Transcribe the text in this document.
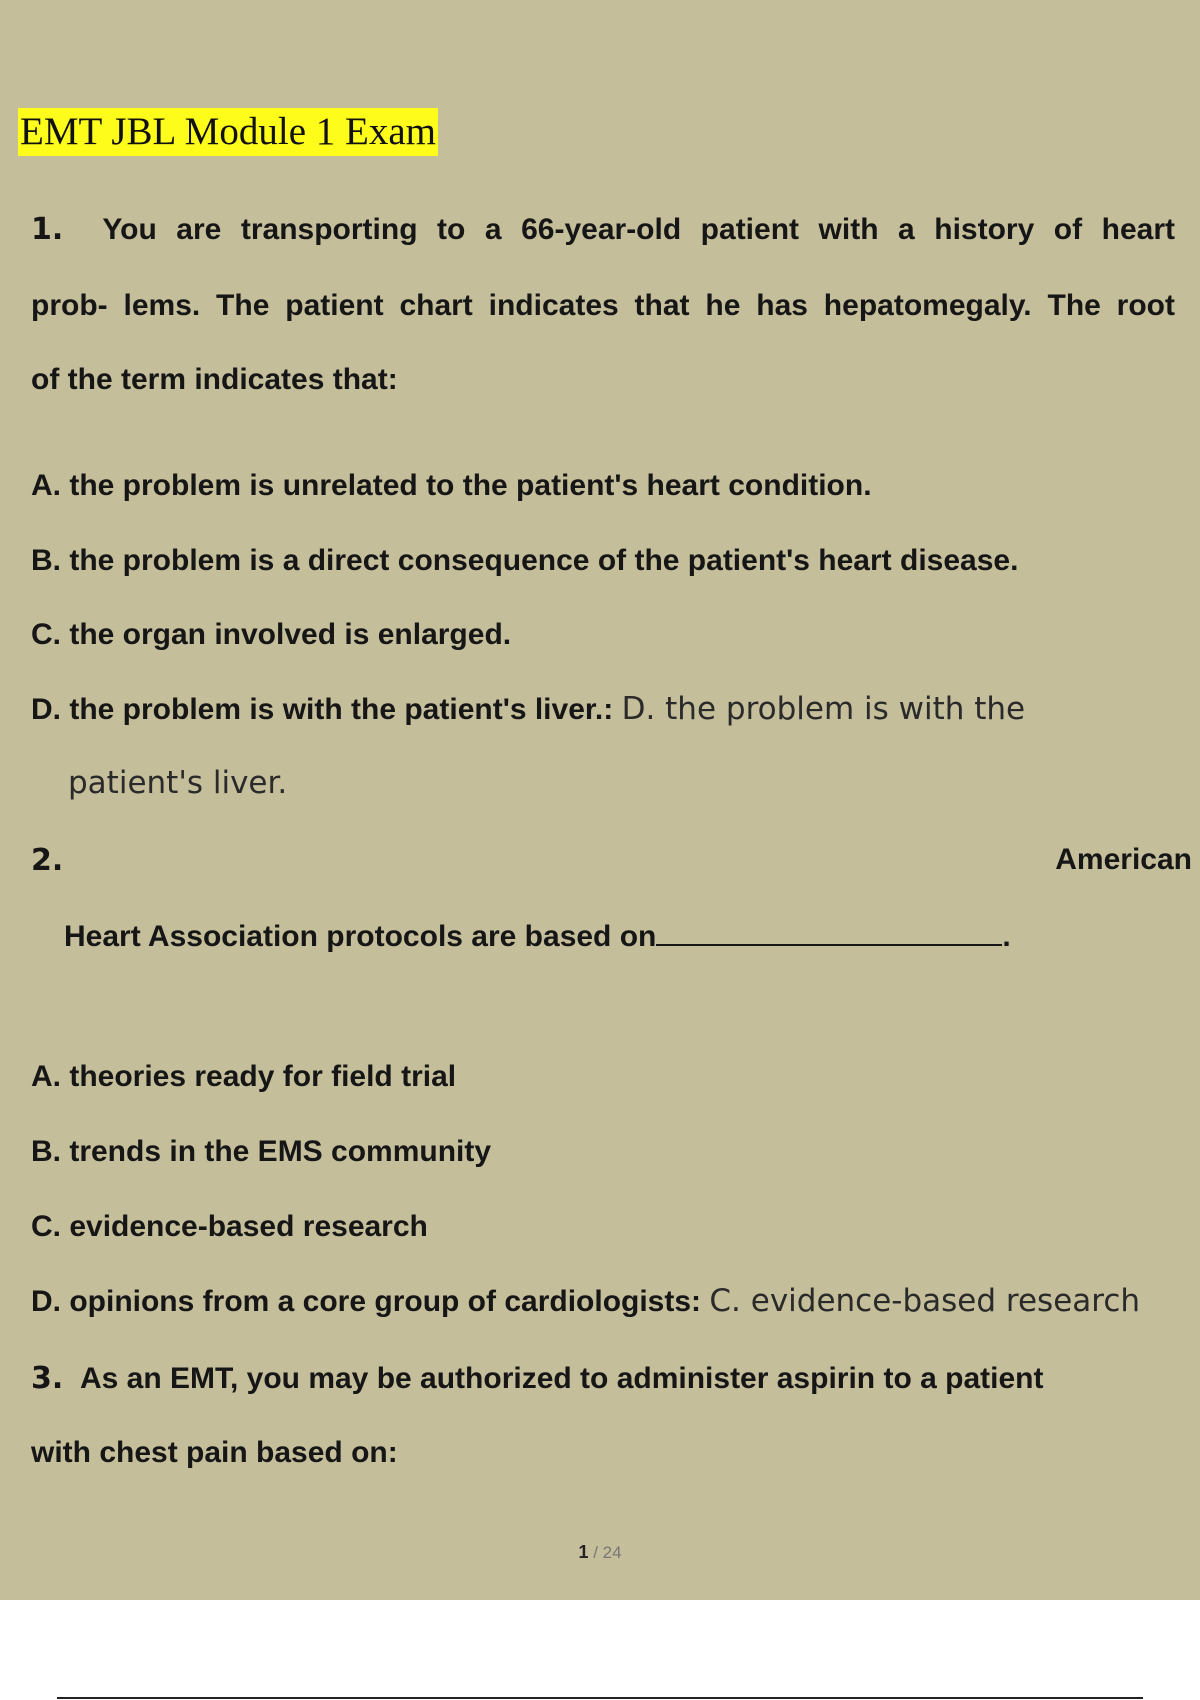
EMT JBL Module 1 Exam

1. You are transporting to a 66-year-old patient with a history of heart

prob- lems. The patient chart indicates that he has hepatomegaly. The root

of the term indicates that:

A. the problem is unrelated to the patient's heart condition.

B. the problem is a direct consequence of the patient's heart disease.

C. the organ involved is enlarged.

D. the problem is with the patient's liver.: D. the problem is with the

patient's liver.

2.	American

Heart Association protocols are based on	.

A. theories ready for field trial

B. trends in the EMS community

C. evidence-based research

D. opinions from a core group of cardiologists: C. evidence-based research

3. As an EMT, you may be authorized to administer aspirin to a patient

with chest pain based on:

1 / 24
